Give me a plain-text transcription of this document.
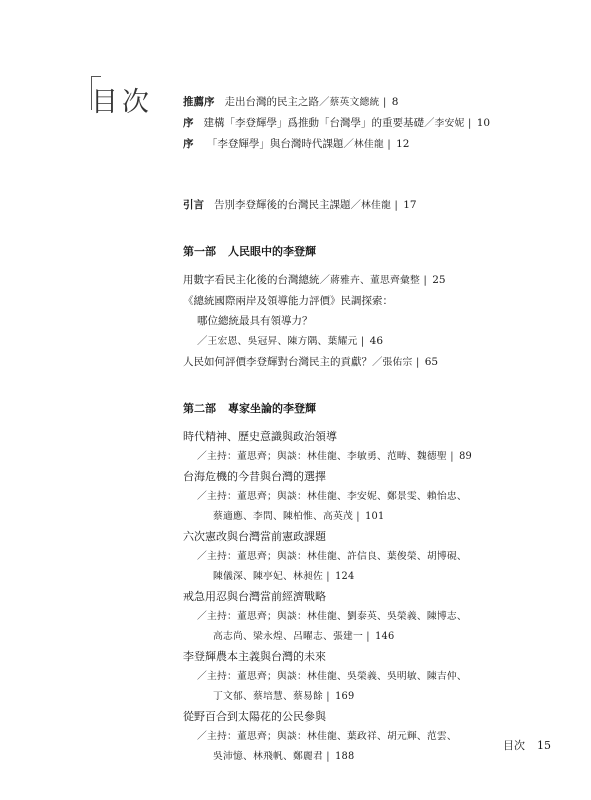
目次	推薦序 走出台灣的民主之路／蔡英文總統 | 8
序 建構「李登輝學」爲推動「台灣學」的重要基礎／李安妮 | 10
序 「李登輝學」與台灣時代課題／林佳龍 | 12
引言 告別李登輝後的台灣民主課題／林佳龍 | 17
第一部 人民眼中的李登輝
用數字看民主化後的台灣總統／蔣雅卉、董思齊彙整 | 25
《總統國際兩岸及領導能力評價》民調探索：
哪位總統最具有領導力？
／王宏恩、吳冠昇、陳方隅、葉耀元 | 46
人民如何評價李登輝對台灣民主的貢獻？／張佑宗 | 65
第二部 專家坐論的李登輝
時代精神、歷史意識與政治領導
／主持：董思齊；與談：林佳龍、李敏勇、范畴、魏德聖 | 89
台海危機的今昔與台灣的選擇
／主持：董思齊；與談：林佳龍、李安妮、鄭景雯、賴怡忠、
蔡適應、李問、陳柏惟、高英茂 | 101
六次憲改與台灣當前憲政課題
／主持：董思齊；與談：林佳龍、許信良、葉俊榮、胡博硯、
陳儀深、陳亭妃、林昶佐 | 124
戒急用忍與台灣當前經濟戰略
／主持：董思齊；與談：林佳龍、劉泰英、吳榮義、陳博志、
高志尚、梁永煌、呂曜志、張建一 | 146
李登輝農本主義與台灣的未來
／主持：董思齊；與談：林佳龍、吳榮義、吳明敏、陳吉仲、
丁文郁、蔡培慧、蔡易餘 | 169
從野百合到太陽花的公民參與
／主持：董思齊；與談：林佳龍、葉政祥、胡元輝、范雲、
吳沛憶、林飛帆、鄭麗君 | 188
目次 15
